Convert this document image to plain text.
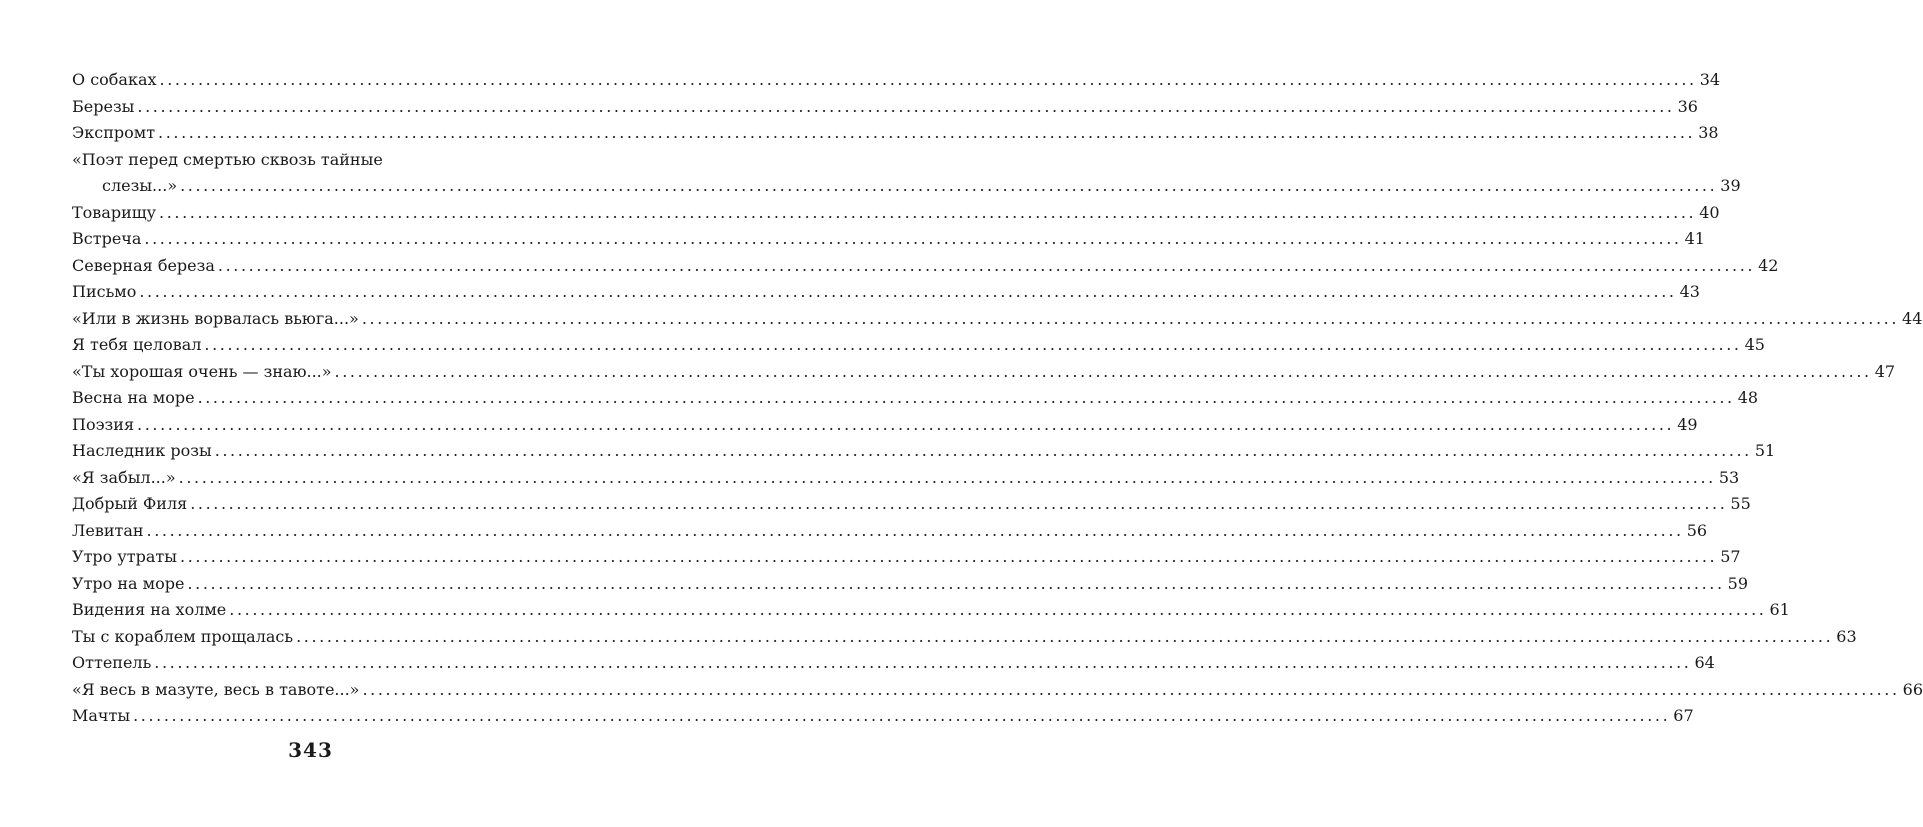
О собаках ........................................................................................................................................................................................................ 34
Березы ........................................................................................................................................................................................................ 36
Экспромт ........................................................................................................................................................................................................ 38
«Поэт перед смертью сквозь тайные
слезы...» ........................................................................................................................................................................................................ 39
Товарищу ........................................................................................................................................................................................................ 40
Встреча ........................................................................................................................................................................................................ 41
Северная береза ........................................................................................................................................................................................................ 42
Письмо ........................................................................................................................................................................................................ 43
«Или в жизнь ворвалась вьюга...» ........................................................................................................................................................................................................ 44
Я тебя целовал ........................................................................................................................................................................................................ 45
«Ты хорошая очень — знаю...» ........................................................................................................................................................................................................ 47
Весна на море ........................................................................................................................................................................................................ 48
Поэзия ........................................................................................................................................................................................................ 49
Наследник розы ........................................................................................................................................................................................................ 51
«Я забыл...» ........................................................................................................................................................................................................ 53
Добрый Филя ........................................................................................................................................................................................................ 55
Левитан ........................................................................................................................................................................................................ 56
Утро утраты ........................................................................................................................................................................................................ 57
Утро на море ........................................................................................................................................................................................................ 59
Видения на холме ........................................................................................................................................................................................................ 61
Ты с кораблем прощалась ........................................................................................................................................................................................................ 63
Оттепель ........................................................................................................................................................................................................ 64
«Я весь в мазуте, весь в тавоте...» ........................................................................................................................................................................................................ 66
Мачты ........................................................................................................................................................................................................ 67
343
